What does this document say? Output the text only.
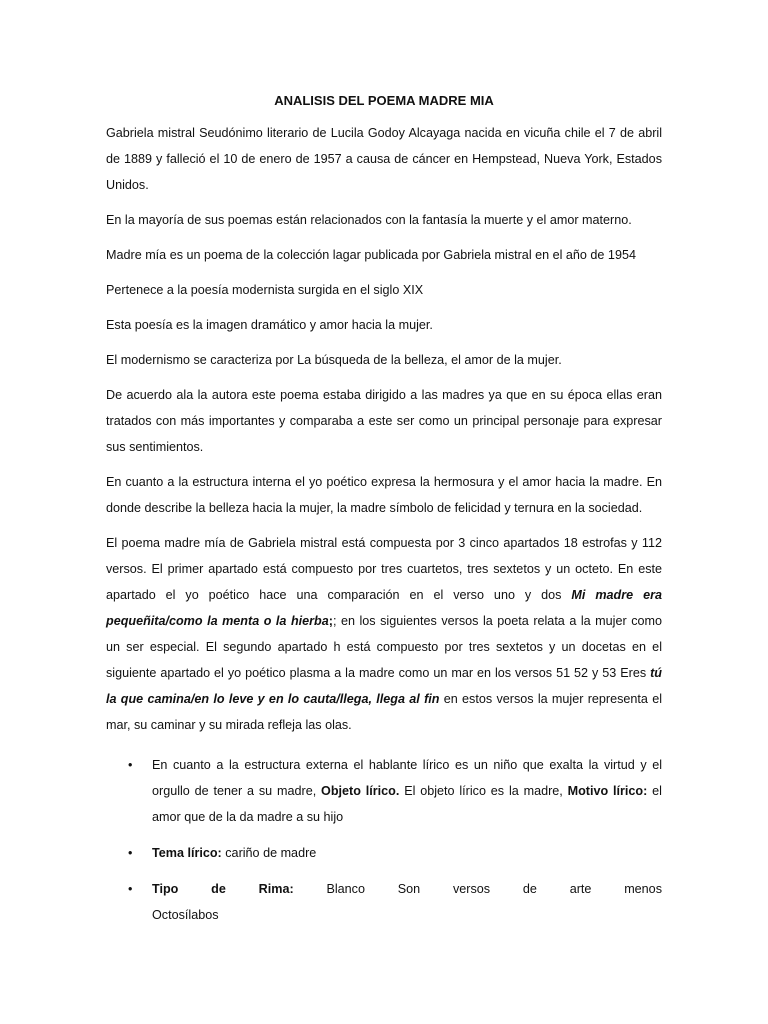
ANALISIS DEL POEMA MADRE MIA

Gabriela mistral Seudónimo literario de Lucila Godoy Alcayaga nacida en vicuña chile el 7 de abril de 1889 y falleció el 10 de enero de 1957 a causa de cáncer en Hempstead, Nueva York, Estados Unidos.

En la mayoría de sus poemas están relacionados con la fantasía la muerte y el amor materno.

Madre mía es un poema de la colección lagar publicada por Gabriela mistral en el año de 1954

Pertenece a la poesía modernista surgida en el siglo XIX

Esta poesía es la imagen dramático y amor hacia la mujer.

El modernismo se caracteriza por La búsqueda de la belleza, el amor de la mujer.

De acuerdo ala la autora este poema estaba dirigido a las madres ya que en su época ellas eran tratados con más importantes y comparaba a este ser como un principal personaje para expresar sus sentimientos.

En cuanto a la estructura interna el yo poético expresa la hermosura y el amor hacia la madre. En donde describe la belleza hacia la mujer, la madre símbolo de felicidad y ternura en la sociedad.

El poema madre mía de Gabriela mistral está compuesta por 3 cinco apartados 18 estrofas y 112 versos. El primer apartado está compuesto por tres cuartetos, tres sextetos y un octeto. En este apartado el yo poético hace una comparación en el verso uno y dos Mi madre era pequeñita/como la menta o la hierba;; en los siguientes versos la poeta relata a la mujer como un ser especial. El segundo apartado h está compuesto por tres sextetos y un docetas en el siguiente apartado el yo poético plasma a la madre como un mar en los versos 51 52 y 53 Eres tú la que camina/en lo leve y en lo cauta/llega, llega al fin en estos versos la mujer representa el mar, su caminar y su mirada refleja las olas.

• En cuanto a la estructura externa el hablante lírico es un niño que exalta la virtud y el orgullo de tener a su madre, Objeto lírico. El objeto lírico es la madre, Motivo lírico: el amor que de la da madre a su hijo
• Tema lírico: cariño de madre
• Tipo	de	Rima:	Blanco	Son	versos	de	arte	menos
Octosílabos
